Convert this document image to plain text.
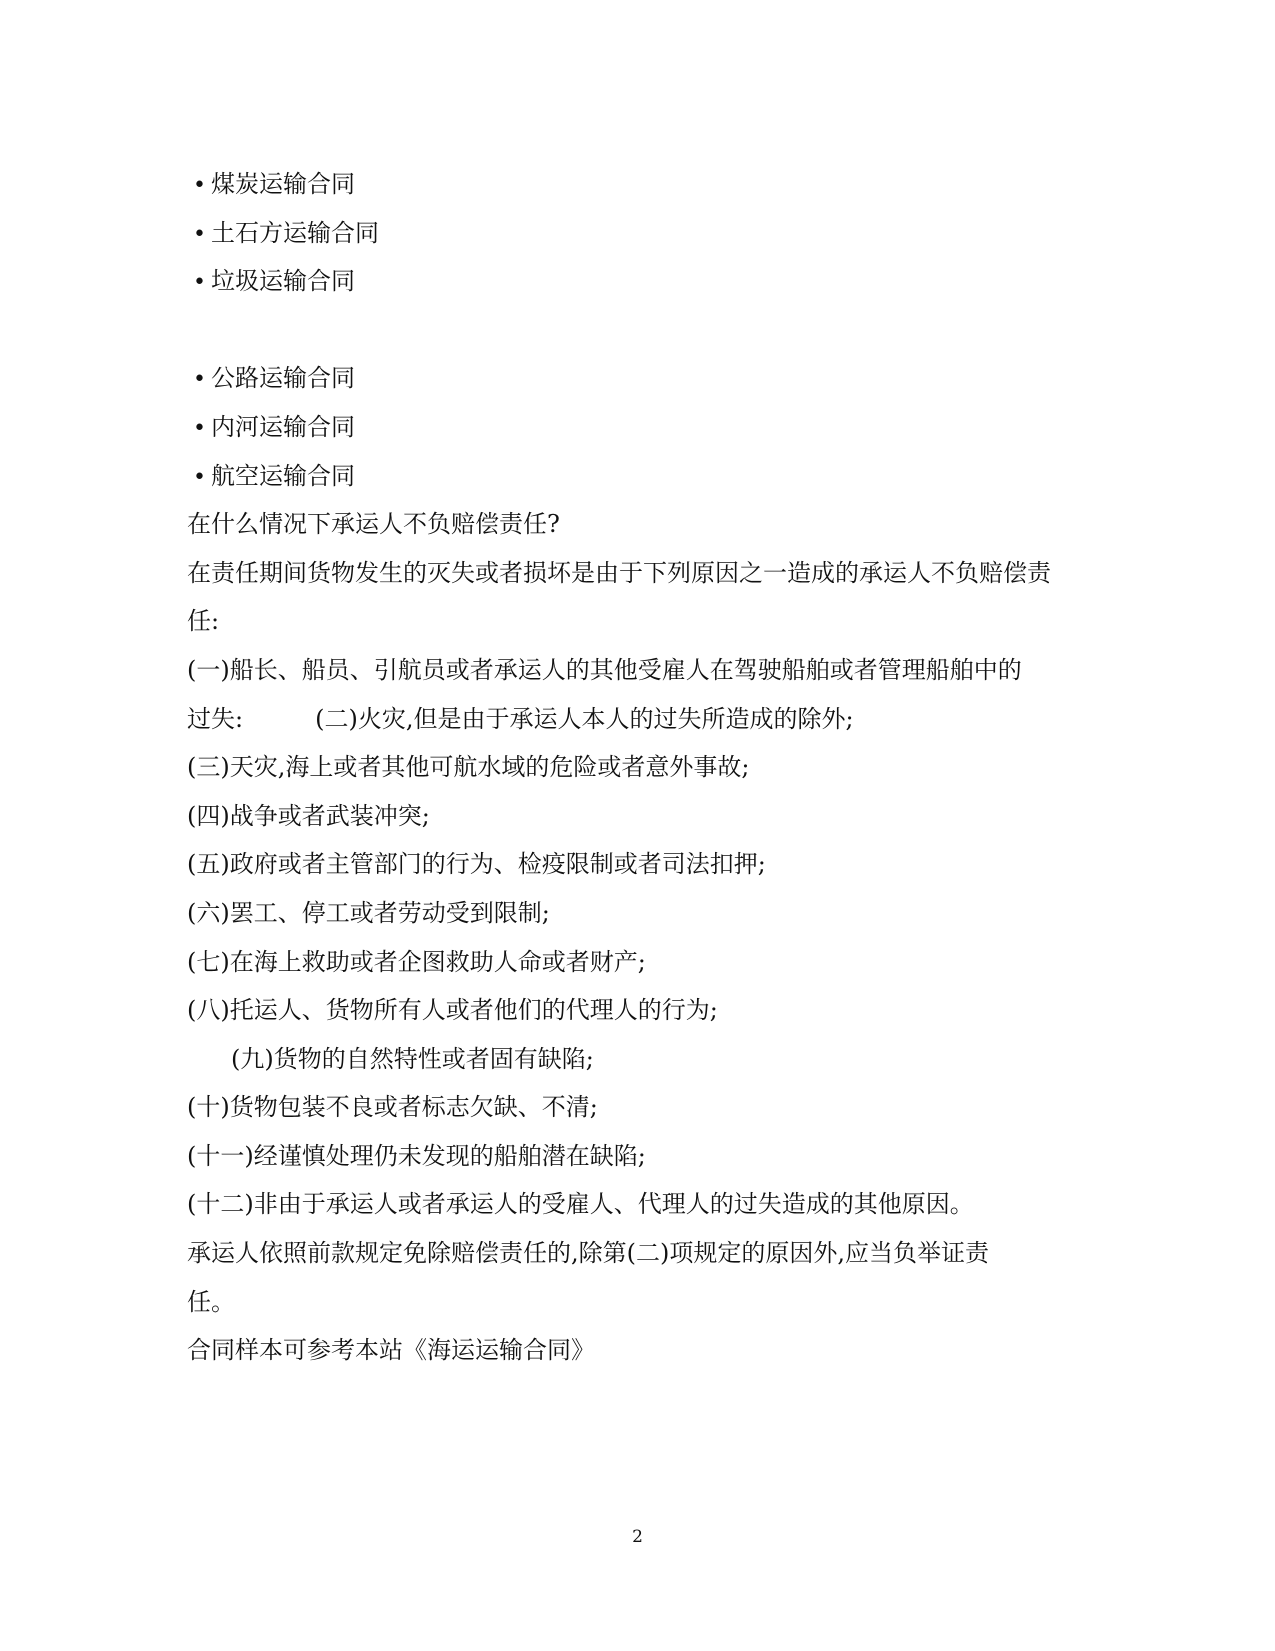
• 煤炭运输合同
• 土石方运输合同
• 垃圾运输合同
• 公路运输合同
• 内河运输合同
• 航空运输合同
在什么情况下承运人不负赔偿责任?
在责任期间货物发生的灭失或者损坏是由于下列原因之一造成的承运人不负赔偿责
任:
(一)船长、船员、引航员或者承运人的其他受雇人在驾驶船舶或者管理船舶中的
过失:	(二)火灾,但是由于承运人本人的过失所造成的除外;
(三)天灾,海上或者其他可航水域的危险或者意外事故;
(四)战争或者武装冲突;
(五)政府或者主管部门的行为、检疫限制或者司法扣押;
(六)罢工、停工或者劳动受到限制;
(七)在海上救助或者企图救助人命或者财产;
(八)托运人、货物所有人或者他们的代理人的行为;
(九)货物的自然特性或者固有缺陷;
(十)货物包装不良或者标志欠缺、不清;
(十一)经谨慎处理仍未发现的船舶潜在缺陷;
(十二)非由于承运人或者承运人的受雇人、代理人的过失造成的其他原因。
承运人依照前款规定免除赔偿责任的,除第(二)项规定的原因外,应当负举证责
任。
合同样本可参考本站《海运运输合同》
2
